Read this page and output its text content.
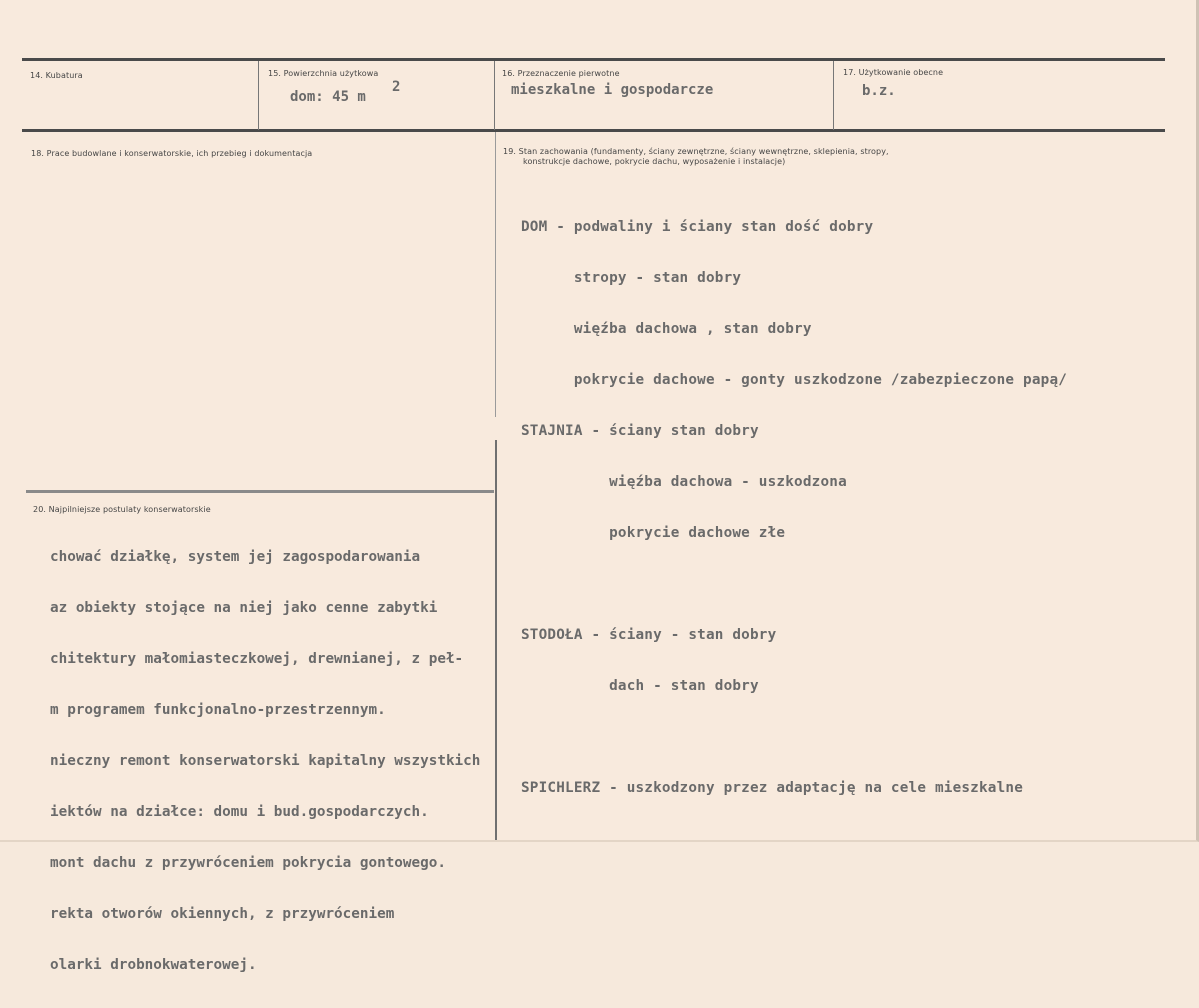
14. Kubatura	15. Powierzchnia użytkowa
dom: 45 m
2
16. Przeznaczenie pierwotne
mieszkalne i gospodarcze
17. Użytkowanie obecne
b.z.
18. Prace budowlane i konserwatorskie, ich przebieg i dokumentacja	19. Stan zachowania (fundamenty, ściany zewnętrzne, ściany wewnętrzne, sklepienia, stropy,
konstrukcje dachowe, pokrycie dachu, wyposażenie i instalacje)

DOM - podwaliny i ściany stan dość dobry

stropy - stan dobry

więźba dachowa , stan dobry

pokrycie dachowe - gonty uszkodzone /zabezpieczone papą/

STAJNIA - ściany stan dobry

więźba dachowa - uszkodzona

pokrycie dachowe złe

STODOŁA - ściany - stan dobry

dach - stan dobry

SPICHLERZ - uszkodzony przez adaptację na cele mieszkalne

20. Najpilniejsze postulaty konserwatorskie

chować działkę, system jej zagospodarowania

az obiekty stojące na niej jako cenne zabytki

chitektury małomiasteczkowej, drewnianej, z peł-

m programem funkcjonalno-przestrzennym.

nieczny remont konserwatorski kapitalny wszystkich

iektów na działce: domu i bud.gospodarczych.

mont dachu z przywróceniem pokrycia gontowego.

rekta otworów okiennych, z przywróceniem

olarki drobnokwaterowej.
